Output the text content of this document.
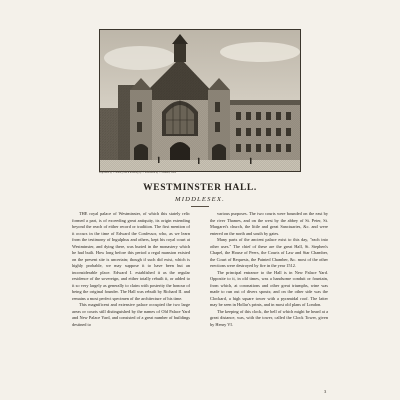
Engraved by J. Smith, from a drawing by ... Published by ... London, 1809
WESTMINSTER HALL.
MIDDLESEX.

THE royal palace of Westminster, of which this stately relic formed a part, is of exceeding great antiquity, its origin extending beyond the reach of either record or tradition. The first mention of it occurs in the time of Edward the Confessor, who, as we learn from the testimony of Ingulphus and others, kept his royal court at Westminster, and dying there, was buried in the monastery which he had built. How long before this period a regal mansion existed on the present site is uncertain; though if such did exist, which is highly probable, we may suppose it to have been but an inconsiderable place. Edward I. established it as the regular residence of the sovereign, and either totally rebuilt it, or added to it so very largely as generally to claim with posterity the honour of being the original founder. The Hall was rebuilt by Richard II. and remains a most perfect specimen of the architecture of his time.

This magnificent and extensive palace occupied the two large areas or courts still distinguished by the names of Old Palace Yard and New Palace Yard, and consisted of a great number of buildings destined to

various purposes. The two courts were bounded on the east by the river Thames, and on the west by the abbey of St. Peter, St. Margaret's church, the little and great Sanctuaries, &c. and were entered on the north and south by gates.

Many parts of the ancient palace exist to this day, "each into other uses." The chief of these are the great Hall, St. Stephen's Chapel, the House of Peers, the Courts of Law and Star Chamber, the Court of Requests, the Painted Chamber, &c. most of the other erections were destroyed by fire in the year 1512.

The principal entrance to the Hall is in New Palace Yard. Opposite to it, in old times, was a handsome conduit or fountain, from which, at coronations and other great triumphs, wine was made to run out of divers spouts; and on the other side was the Clockard, a high square tower with a pyramidal roof. The latter may be seen in Hollar's prints, and in most old plans of London.

The keeping of this clock, the bell of which might be heard at a great distance, was, with the tower, called the Clock Tower, given by Henry VI.

3
